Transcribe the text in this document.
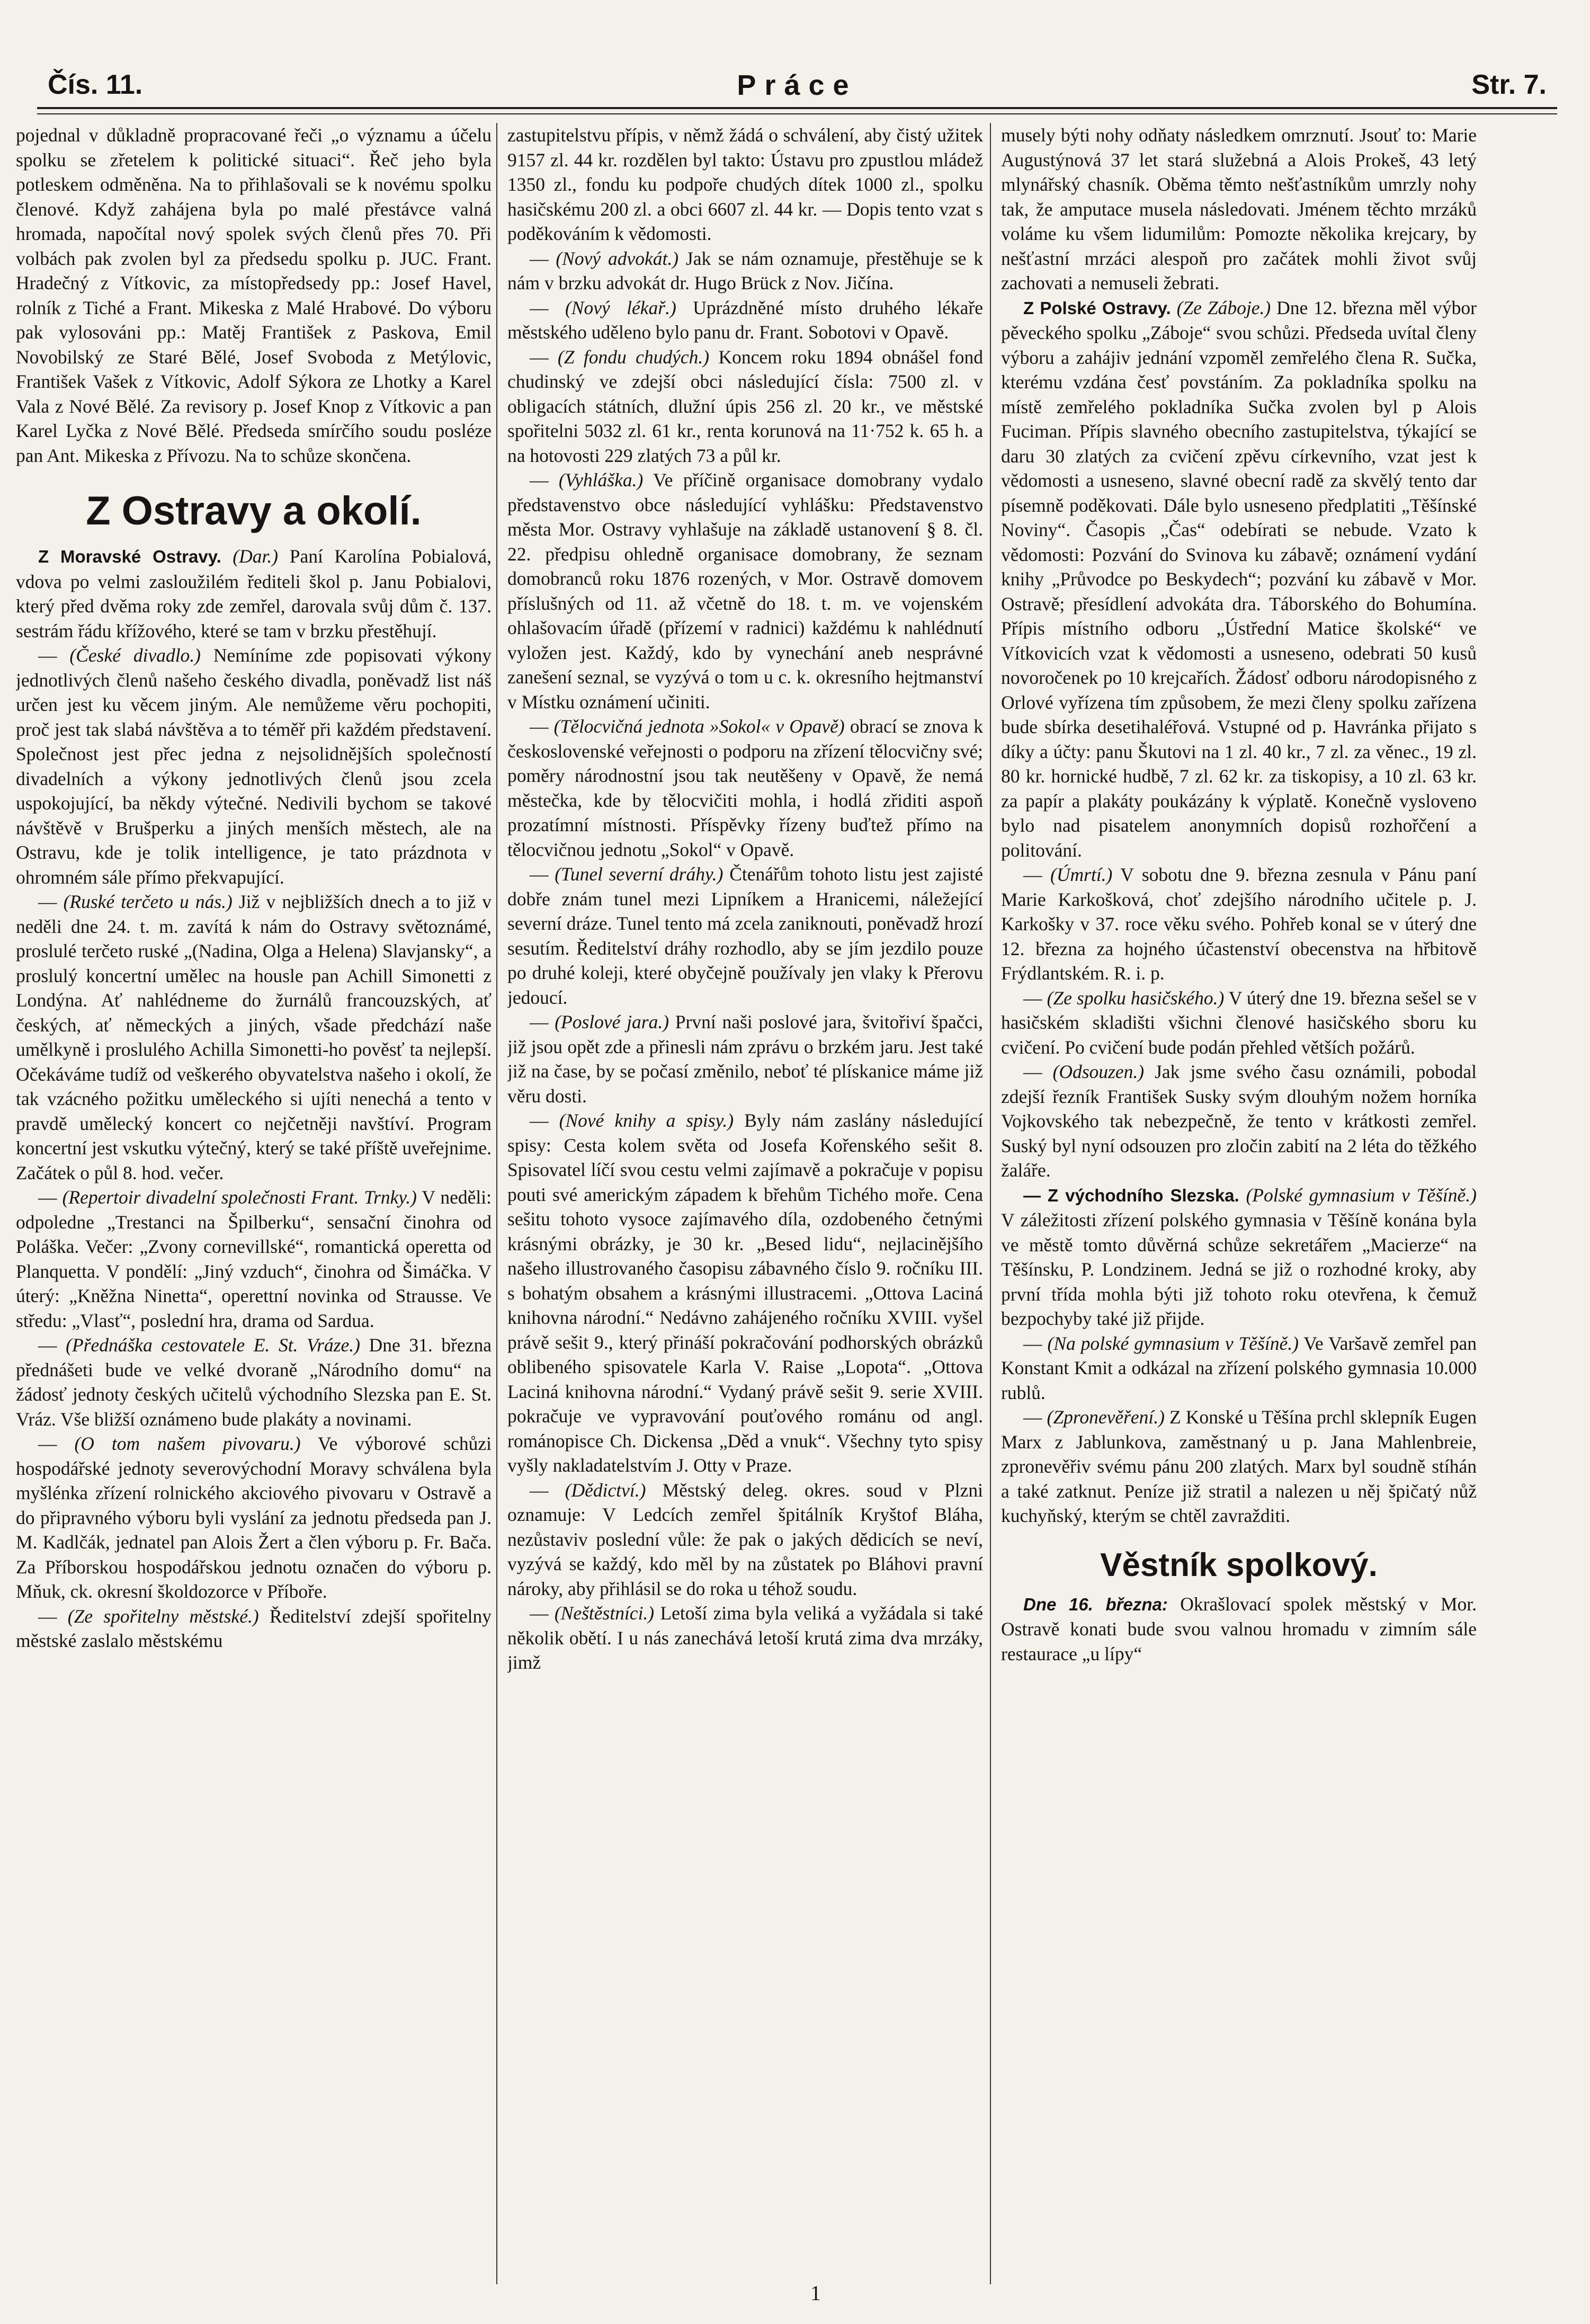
Čís. 11.	Práce	Str. 7.

pojednal v důkladně propracované řeči „o významu a účelu spolku se zřetelem k politické situaci“. Řeč jeho byla potleskem odměněna. Na to přihlašovali se k novému spolku členové. Když zahájena byla po malé přestávce valná hromada, napočítal nový spolek svých členů přes 70. Při volbách pak zvolen byl za předsedu spolku p. JUC. Frant. Hradečný z Vítkovic, za místopředsedy pp.: Josef Havel, rolník z Tiché a Frant. Mikeska z Malé Hrabové. Do výboru pak vylosováni pp.: Matěj František z Paskova, Emil Novobilský ze Staré Bělé, Josef Svoboda z Metýlovic, František Vašek z Vítkovic, Adolf Sýkora ze Lhotky a Karel Vala z Nové Bělé. Za revisory p. Josef Knop z Vítkovic a pan Karel Lyčka z Nové Bělé. Předseda smírčího soudu posléze pan Ant. Mikeska z Přívozu. Na to schůze skončena.

Z Ostravy a okolí.

Z Moravské Ostravy. (Dar.) Paní Karolína Pobialová, vdova po velmi zasloužilém řediteli škol p. Janu Pobialovi, který před dvěma roky zde zemřel, darovala svůj dům č. 137. sestrám řádu křížového, které se tam v brzku přestěhují.

— (České divadlo.) Nemíníme zde popisovati výkony jednotlivých členů našeho českého divadla, poněvadž list náš určen jest ku věcem jiným. Ale nemůžeme věru pochopiti, proč jest tak slabá návštěva a to téměř při každém představení. Společnost jest přec jedna z nejsolidnějších společností divadelních a výkony jednotlivých členů jsou zcela uspokojující, ba někdy výtečné. Nedivili bychom se takové návštěvě v Brušperku a jiných menších městech, ale na Ostravu, kde je tolik intelligence, je tato prázdnota v ohromném sále přímo překvapující.

— (Ruské terčeto u nás.) Již v nejbližších dnech a to již v neděli dne 24. t. m. zavítá k nám do Ostravy světoznámé, proslulé terčeto ruské „(Nadina, Olga a Helena) Slavjansky“, a proslulý koncertní umělec na housle pan Achill Simonetti z Londýna. Ať nahlédneme do žurnálů francouzských, ať českých, ať německých a jiných, všade předchází naše umělkyně i proslulého Achilla Simonetti-ho pověsť ta nejlepší. Očekáváme tudíž od veškerého obyvatelstva našeho i okolí, že tak vzácného požitku uměleckého si ujíti nenechá a tento v pravdě umělecký koncert co nejčetněji navštíví. Program koncertní jest vskutku výtečný, který se také příště uveřejnime. Začátek o půl 8. hod. večer.

— (Repertoir divadelní společnosti Frant. Trnky.) V neděli: odpoledne „Trestanci na Špilberku“, sensační činohra od Poláška. Večer: „Zvony cornevillské“, romantická operetta od Planquetta. V pondělí: „Jiný vzduch“, činohra od Šimáčka. V úterý: „Kněžna Ninetta“, operettní novinka od Strausse. Ve středu: „Vlasť“, poslední hra, drama od Sardua.

— (Přednáška cestovatele E. St. Vráze.) Dne 31. března přednášeti bude ve velké dvoraně „Národního domu“ na žádosť jednoty českých učitelů východního Slezska pan E. St. Vráz. Vše bližší oznámeno bude plakáty a novinami.

— (O tom našem pivovaru.) Ve výborové schůzi hospodářské jednoty severovýchodní Moravy schválena byla myšlénka zřízení rolnického akciového pivovaru v Ostravě a do připravného výboru byli vyslání za jednotu předseda pan J. M. Kadlčák, jednatel pan Alois Žert a člen výboru p. Fr. Bača. Za Příborskou hospodářskou jednotu označen do výboru p. Mňuk, ck. okresní školdozorce v Příboře.

— (Ze spořitelny městské.) Ředitelství zdejší spořitelny městské zaslalo městskému

zastupitelstvu přípis, v němž žádá o schválení, aby čistý užitek 9157 zl. 44 kr. rozdělen byl takto: Ústavu pro zpustlou mládež 1350 zl., fondu ku podpoře chudých dítek 1000 zl., spolku hasičskému 200 zl. a obci 6607 zl. 44 kr. — Dopis tento vzat s poděkováním k vědomosti.

— (Nový advokát.) Jak se nám oznamuje, přestěhuje se k nám v brzku advokát dr. Hugo Brück z Nov. Jičína.

— (Nový lékař.) Uprázdněné místo druhého lékaře městského uděleno bylo panu dr. Frant. Sobotovi v Opavě.

— (Z fondu chudých.) Koncem roku 1894 obnášel fond chudinský ve zdejší obci následující čísla: 7500 zl. v obligacích státních, dlužní úpis 256 zl. 20 kr., ve městské spořitelni 5032 zl. 61 kr., renta korunová na 11·752 k. 65 h. a na hotovosti 229 zlatých 73 a půl kr.

— (Vyhláška.) Ve příčině organisace domobrany vydalo představenstvo obce následující vyhlášku: Představenstvo města Mor. Ostravy vyhlašuje na základě ustanovení § 8. čl. 22. předpisu ohledně organisace domobrany, že seznam domobranců roku 1876 rozených, v Mor. Ostravě domovem příslušných od 11. až včetně do 18. t. m. ve vojenském ohlašovacím úřadě (přízemí v radnici) každému k nahlédnutí vyložen jest. Každý, kdo by vynechání aneb nesprávné zanešení seznal, se vyzývá o tom u c. k. okresního hejtmanství v Místku oznámení učiniti.

— (Tělocvičná jednota »Sokol« v Opavě) obrací se znova k československé veřejnosti o podporu na zřízení tělocvičny své; poměry národnostní jsou tak neutěšeny v Opavě, že nemá městečka, kde by tělocvičiti mohla, i hodlá zřiditi aspoň prozatímní místnosti. Příspěvky řízeny buďtež přímo na tělocvičnou jednotu „Sokol“ v Opavě.

— (Tunel severní dráhy.) Čtenářům tohoto listu jest zajisté dobře znám tunel mezi Lipníkem a Hranicemi, náležející severní dráze. Tunel tento má zcela zaniknouti, poněvadž hrozí sesutím. Ředitelství dráhy rozhodlo, aby se jím jezdilo pouze po druhé koleji, které obyčejně používaly jen vlaky k Přerovu jedoucí.

— (Poslové jara.) První naši poslové jara, švitořiví špačci, již jsou opět zde a přinesli nám zprávu o brzkém jaru. Jest také již na čase, by se počasí změnilo, neboť té plískanice máme již věru dosti.

— (Nové knihy a spisy.) Byly nám zaslány následující spisy: Cesta kolem světa od Josefa Kořenského sešit 8. Spisovatel líčí svou cestu velmi zajímavě a pokračuje v popisu pouti své americkým západem k břehům Tichého moře. Cena sešitu tohoto vysoce zajímavého díla, ozdobeného četnými krásnými obrázky, je 30 kr. „Besed lidu“, nejlacinějšího našeho illustrovaného časopisu zábavného číslo 9. ročníku III. s bohatým obsahem a krásnými illustracemi. „Ottova Laciná knihovna národní.“ Nedávno zahájeného ročníku XVIII. vyšel právě sešit 9., který přináší pokračování podhorských obrázků oblibeného spisovatele Karla V. Raise „Lopota“. „Ottova Laciná knihovna národní.“ Vydaný právě sešit 9. serie XVIII. pokračuje ve vypravování pouťového románu od angl. románopisce Ch. Dickensa „Děd a vnuk“. Všechny tyto spisy vyšly nakladatelstvím J. Otty v Praze.

— (Dědictví.) Městský deleg. okres. soud v Plzni oznamuje: V Ledcích zemřel špitálník Kryštof Bláha, nezůstaviv poslední vůle: že pak o jakých dědicích se neví, vyzývá se každý, kdo měl by na zůstatek po Bláhovi pravní nároky, aby přihlásil se do roka u téhož soudu.

— (Neštěstníci.) Letoší zima byla veliká a vyžádala si také několik obětí. I u nás zanechává letoší krutá zima dva mrzáky, jimž

musely býti nohy odňaty následkem omrznutí. Jsouť to: Marie Augustýnová 37 let stará služebná a Alois Prokeš, 43 letý mlynářský chasník. Oběma těmto nešťastníkům umrzly nohy tak, že amputace musela následovati. Jménem těchto mrzáků voláme ku všem lidumilům: Pomozte několika krejcary, by nešťastní mrzáci alespoň pro začátek mohli život svůj zachovati a nemuseli žebrati.

Z Polské Ostravy. (Ze Záboje.) Dne 12. března měl výbor pěveckého spolku „Záboje“ svou schůzi. Předseda uvítal členy výboru a zahájiv jednání vzpoměl zemřelého člena R. Sučka, kterému vzdána česť povstáním. Za pokladníka spolku na místě zemřelého pokladníka Sučka zvolen byl p Alois Fuciman. Přípis slavného obecního zastupitelstva, týkající se daru 30 zlatých za cvičení zpěvu církevního, vzat jest k vědomosti a usneseno, slavné obecní radě za skvělý tento dar písemně poděkovati. Dále bylo usneseno předplatiti „Těšínské Noviny“. Časopis „Čas“ odebírati se nebude. Vzato k vědomosti: Pozvání do Svinova ku zábavě; oznámení vydání knihy „Průvodce po Beskydech“; pozvání ku zábavě v Mor. Ostravě; přesídlení advokáta dra. Táborského do Bohumína. Přípis místního odboru „Ústřední Matice školské“ ve Vítkovicích vzat k vědomosti a usneseno, odebrati 50 kusů novoročenek po 10 krejcařích. Žádosť odboru národopisného z Orlové vyřízena tím způsobem, že mezi členy spolku zařízena bude sbírka desetihaléřová. Vstupné od p. Havránka přijato s díky a účty: panu Škutovi na 1 zl. 40 kr., 7 zl. za věnec., 19 zl. 80 kr. hornické hudbě, 7 zl. 62 kr. za tiskopisy, a 10 zl. 63 kr. za papír a plakáty poukázány k výplatě. Konečně vysloveno bylo nad pisatelem anonymních dopisů rozhořčení a politování.

— (Úmrtí.) V sobotu dne 9. března zesnula v Pánu paní Marie Karkošková, choť zdejšího národního učitele p. J. Karkošky v 37. roce věku svého. Pohřeb konal se v úterý dne 12. března za hojného účastenství obecenstva na hřbitově Frýdlantském. R. i. p.

— (Ze spolku hasičského.) V úterý dne 19. března sešel se v hasičském skladišti všichni členové hasičského sboru ku cvičení. Po cvičení bude podán přehled větších požárů.

— (Odsouzen.) Jak jsme svého času oznámili, pobodal zdejší řezník František Susky svým dlouhým nožem horníka Vojkovského tak nebezpečně, že tento v krátkosti zemřel. Suský byl nyní odsouzen pro zločin zabití na 2 léta do těžkého žaláře.

— Z východního Slezska. (Polské gymnasium v Těšíně.) V záležitosti zřízení polského gymnasia v Těšíně konána byla ve městě tomto důvěrná schůze sekretářem „Macierze“ na Těšínsku, P. Londzinem. Jedná se již o rozhodné kroky, aby první třída mohla býti již tohoto roku otevřena, k čemuž bezpochyby také již přijde.

— (Na polské gymnasium v Těšíně.) Ve Varšavě zemřel pan Konstant Kmit a odkázal na zřízení polského gymnasia 10.000 rublů.

— (Zpronevěření.) Z Konské u Těšína prchl sklepník Eugen Marx z Jablunkova, zaměstnaný u p. Jana Mahlenbreie, zpronevěřiv svému pánu 200 zlatých. Marx byl soudně stíhán a také zatknut. Peníze již stratil a nalezen u něj špičatý nůž kuchyňský, kterým se chtěl zavražditi.

Věstník spolkový.

Dne 16. března: Okrašlovací spolek městský v Mor. Ostravě konati bude svou valnou hromadu v zimním sále restaurace „u lípy“

1
